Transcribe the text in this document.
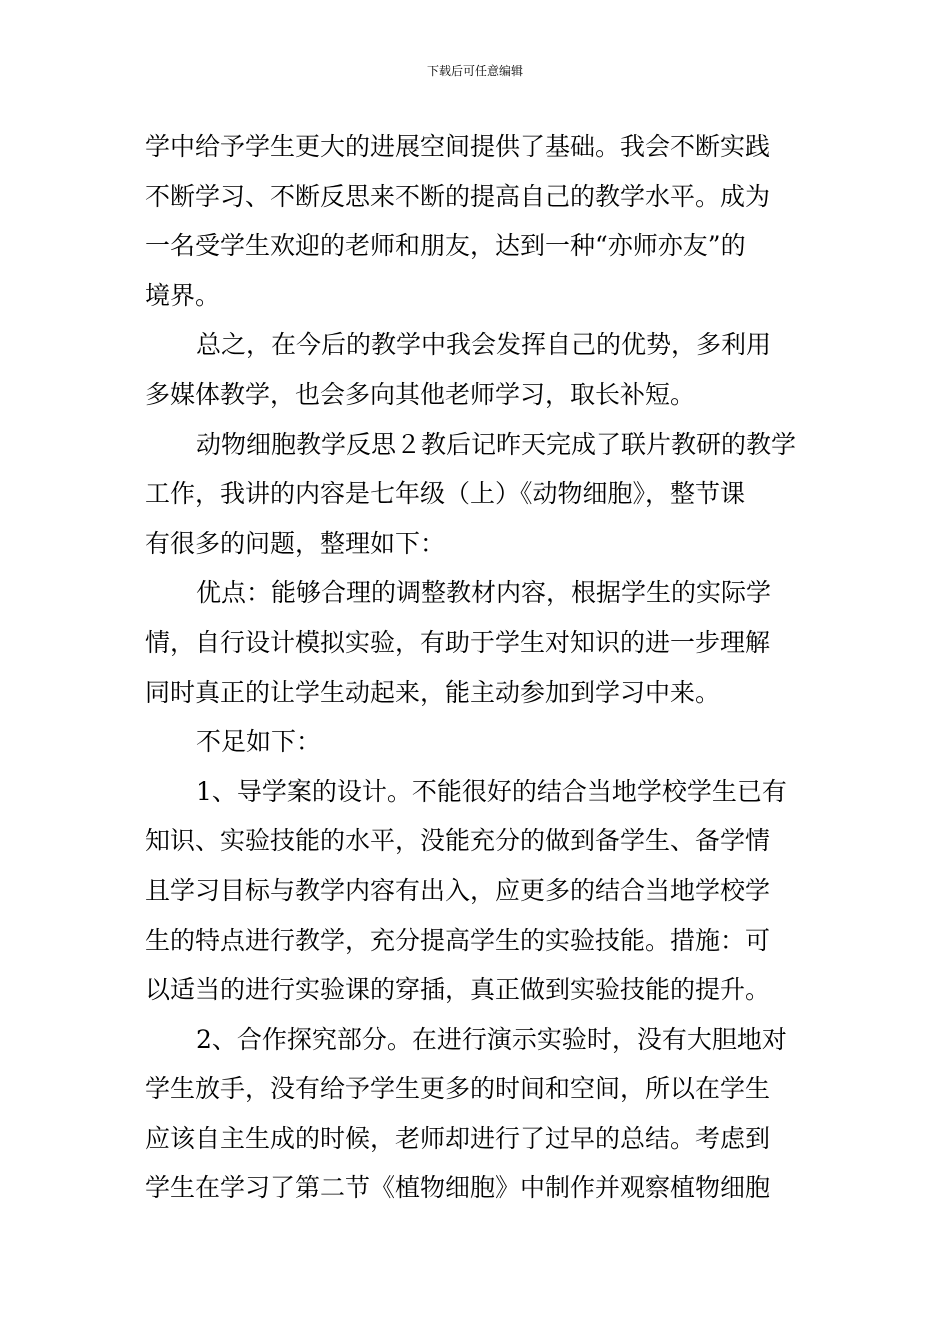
下载后可任意编辑
学中给予学生更大的进展空间提供了基础。我会不断实践
不断学习、不断反思来不断的提高自己的教学水平。成为
一名受学生欢迎的老师和朋友，达到一种“亦师亦友”的
境界。
总之，在今后的教学中我会发挥自己的优势，多利用
多媒体教学，也会多向其他老师学习，取长补短。
动物细胞教学反思２教后记昨天完成了联片教研的教学
工作，我讲的内容是七年级（上）《动物细胞》，整节课
有很多的问题，整理如下：
优点：能够合理的调整教材内容，根据学生的实际学
情，自行设计模拟实验，有助于学生对知识的进一步理解
同时真正的让学生动起来，能主动参加到学习中来。
不足如下：
1、导学案的设计。不能很好的结合当地学校学生已有
知识、实验技能的水平，没能充分的做到备学生、备学情
且学习目标与教学内容有出入，应更多的结合当地学校学
生的特点进行教学，充分提高学生的实验技能。措施：可
以适当的进行实验课的穿插，真正做到实验技能的提升。
2、合作探究部分。在进行演示实验时，没有大胆地对
学生放手，没有给予学生更多的时间和空间，所以在学生
应该自主生成的时候，老师却进行了过早的总结。考虑到
学生在学习了第二节《植物细胞》中制作并观察植物细胞
